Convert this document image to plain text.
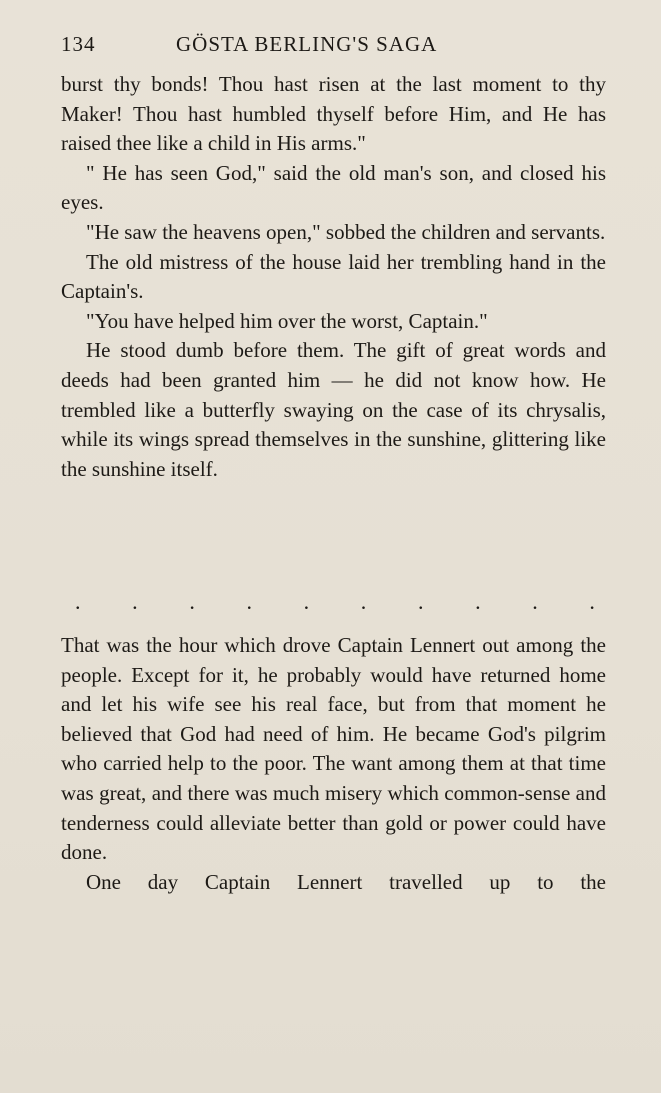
134	GÖSTA BERLING'S SAGA

burst thy bonds! Thou hast risen at the last moment to thy Maker! Thou hast humbled thyself before Him, and He has raised thee like a child in His arms."

" He has seen God," said the old man's son, and closed his eyes.

"He saw the heavens open," sobbed the children and servants.

The old mistress of the house laid her trembling hand in the Captain's.

"You have helped him over the worst, Captain."

He stood dumb before them. The gift of great words and deeds had been granted him — he did not know how. He trembled like a butterfly swaying on the case of its chrysalis, while its wings spread themselves in the sunshine, glittering like the sunshine itself.

. . . . . . . . . .

That was the hour which drove Captain Lennert out among the people. Except for it, he probably would have returned home and let his wife see his real face, but from that moment he believed that God had need of him. He became God's pilgrim who carried help to the poor. The want among them at that time was great, and there was much misery which common-sense and tenderness could alleviate better than gold or power could have done.

One day Captain Lennert travelled up to the
